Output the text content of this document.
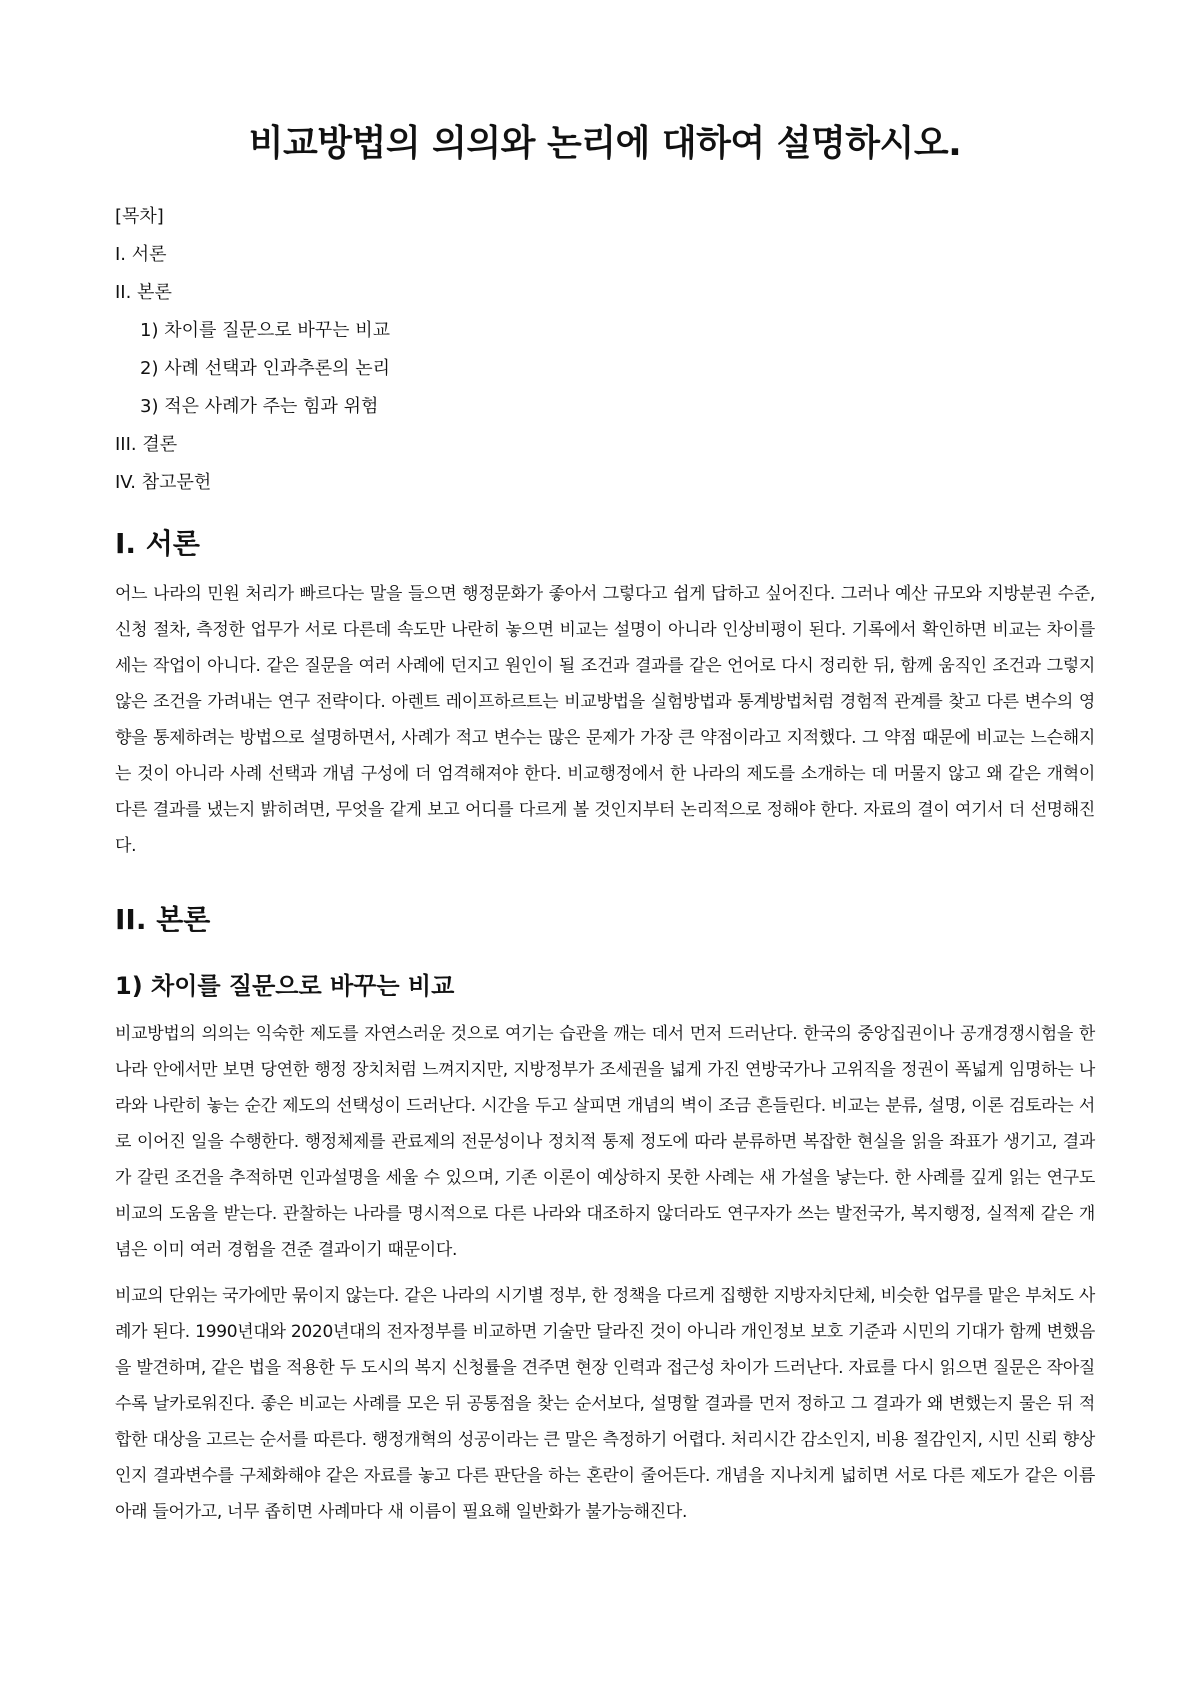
비교방법의 의의와 논리에 대하여 설명하시오.
[목차]
I. 서론
II. 본론
1) 차이를 질문으로 바꾸는 비교
2) 사례 선택과 인과추론의 논리
3) 적은 사례가 주는 힘과 위험
III. 결론
IV. 참고문헌
I. 서론

어느 나라의 민원 처리가 빠르다는 말을 들으면 행정문화가 좋아서 그렇다고 쉽게 답하고 싶어진다. 그러나 예산 규모와 지방분권 수준, 신청 절차, 측정한 업무가 서로 다른데 속도만 나란히 놓으면 비교는 설명이 아니라 인상비평이 된다. 기록에서 확인하면 비교는 차이를 세는 작업이 아니다. 같은 질문을 여러 사례에 던지고 원인이 될 조건과 결과를 같은 언어로 다시 정리한 뒤, 함께 움직인 조건과 그렇지 않은 조건을 가려내는 연구 전략이다. 아렌트 레이프하르트는 비교방법을 실험방법과 통계방법처럼 경험적 관계를 찾고 다른 변수의 영향을 통제하려는 방법으로 설명하면서, 사례가 적고 변수는 많은 문제가 가장 큰 약점이라고 지적했다. 그 약점 때문에 비교는 느슨해지는 것이 아니라 사례 선택과 개념 구성에 더 엄격해져야 한다. 비교행정에서 한 나라의 제도를 소개하는 데 머물지 않고 왜 같은 개혁이 다른 결과를 냈는지 밝히려면, 무엇을 같게 보고 어디를 다르게 볼 것인지부터 논리적으로 정해야 한다. 자료의 결이 여기서 더 선명해진다.

II. 본론
1) 차이를 질문으로 바꾸는 비교

비교방법의 의의는 익숙한 제도를 자연스러운 것으로 여기는 습관을 깨는 데서 먼저 드러난다. 한국의 중앙집권이나 공개경쟁시험을 한 나라 안에서만 보면 당연한 행정 장치처럼 느껴지지만, 지방정부가 조세권을 넓게 가진 연방국가나 고위직을 정권이 폭넓게 임명하는 나라와 나란히 놓는 순간 제도의 선택성이 드러난다. 시간을 두고 살피면 개념의 벽이 조금 흔들린다. 비교는 분류, 설명, 이론 검토라는 서로 이어진 일을 수행한다. 행정체제를 관료제의 전문성이나 정치적 통제 정도에 따라 분류하면 복잡한 현실을 읽을 좌표가 생기고, 결과가 갈린 조건을 추적하면 인과설명을 세울 수 있으며, 기존 이론이 예상하지 못한 사례는 새 가설을 낳는다. 한 사례를 깊게 읽는 연구도 비교의 도움을 받는다. 관찰하는 나라를 명시적으로 다른 나라와 대조하지 않더라도 연구자가 쓰는 발전국가, 복지행정, 실적제 같은 개념은 이미 여러 경험을 견준 결과이기 때문이다.

비교의 단위는 국가에만 묶이지 않는다. 같은 나라의 시기별 정부, 한 정책을 다르게 집행한 지방자치단체, 비슷한 업무를 맡은 부처도 사례가 된다. 1990년대와 2020년대의 전자정부를 비교하면 기술만 달라진 것이 아니라 개인정보 보호 기준과 시민의 기대가 함께 변했음을 발견하며, 같은 법을 적용한 두 도시의 복지 신청률을 견주면 현장 인력과 접근성 차이가 드러난다. 자료를 다시 읽으면 질문은 작아질수록 날카로워진다. 좋은 비교는 사례를 모은 뒤 공통점을 찾는 순서보다, 설명할 결과를 먼저 정하고 그 결과가 왜 변했는지 물은 뒤 적합한 대상을 고르는 순서를 따른다. 행정개혁의 성공이라는 큰 말은 측정하기 어렵다. 처리시간 감소인지, 비용 절감인지, 시민 신뢰 향상인지 결과변수를 구체화해야 같은 자료를 놓고 다른 판단을 하는 혼란이 줄어든다. 개념을 지나치게 넓히면 서로 다른 제도가 같은 이름 아래 들어가고, 너무 좁히면 사례마다 새 이름이 필요해 일반화가 불가능해진다.
